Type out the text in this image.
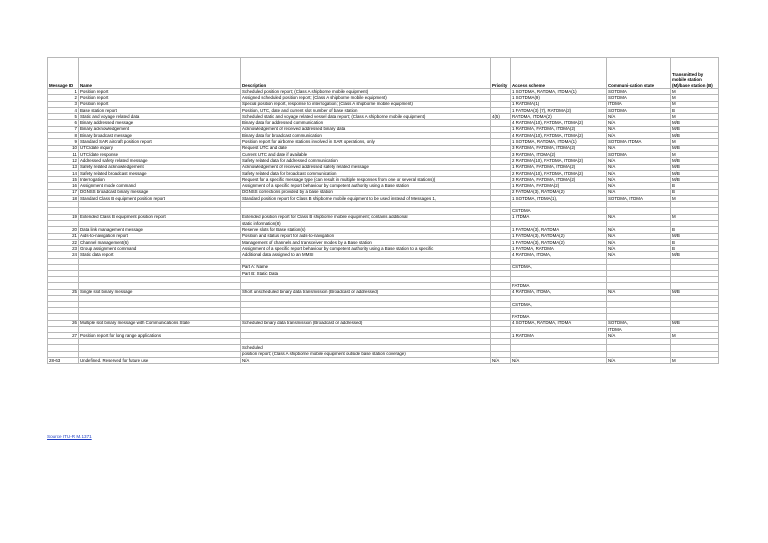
Message ID	Name	Description	Priority	Access scheme	Communi-cation state	Transmitted by mobile station (M)/base station (B)
1	Position report	Scheduled position report; (Class A shipborne mobile equipment)		1 SOTDMA, RATDMA, ITDMA(1)	SOTDMA	M
2	Position report	Assigned scheduled position report; (Class A shipborne mobile equipment)		1 SOTDMA(9)	SOTDMA	M
3	Position report	Special position report, response to interrogation; (Class A shipborne mobile equipment)		1 RATDMA(1)	ITDMA	M
4	Base station report	Position, UTC, date and current slot number of base station		1 FATDMA(3) (7), RATDMA(2)	SOTDMA	B
5	Static and voyage related data	Scheduled static and voyage related vessel data report; (Class A shipborne mobile equipment)	4(5)	RATDMA, ITDMA(2)	N/A	M
6	Binary addressed message	Binary data for addressed communication		4 RATDMA(10), FATDMA, ITDMA(2)	N/A	M/B
7	Binary acknowledgement	Acknowledgement of received addressed binary data		1 RATDMA, FATDMA, ITDMA(2)	N/A	M/B
8	Binary broadcast message	Binary data for broadcast communication		4 RATDMA(10), FATDMA, ITDMA(2)	N/A	M/B
9	Standard SAR aircraft position report	Position report for airborne stations involved in SAR operations, only		1 SOTDMA, RATDMA, ITDMA(1)	SOTDMA ITDMA	M
10	UTC/date inquiry	Request UTC and date		3 RATDMA, FATDMA, ITDMA(2)	N/A	M/B
11	UTC/date response	Current UTC and date if available		3 RATDMA, ITDMA(2)	SOTDMA	M
12	Addressed safety related message	Safety related data for addressed communication		2 RATDMA(10), FATDMA, ITDMA(2)	N/A	M/B
13	Safety related acknowledgement	Acknowledgement of received addressed safety related message		1 RATDMA, FATDMA, ITDMA(2)	N/A	M/B
14	Safety related broadcast message	Safety related data for broadcast communication		2 RATDMA(10), FATDMA, ITDMA(2)	N/A	M/B
15	Interrogation	Request for a specific message type (can result in multiple responses from one or several stations)(		3 RATDMA, FATDMA, ITDMA(2)	N/A	M/B
16	Assignment mode command	Assignment of a specific report behaviour by competent authority using a Base station		1 RATDMA, FATDMA(2)	N/A	B
17	DGNSS broadcast binary message	DGNSS corrections provided by a base station		2 FATDMA(3), RATDMA(2)	N/A	B
18	Standard Class B equipment position report	Standard position report for Class B shipborne mobile equipment to be used instead of Messages 1,		1 SOTDMA, ITDMA(1),	SOTDMA, ITDMA	M

				CSTDMA		
19	Extended Class B equipment position report	Extended position report for Class B shipborne mobile equipment; contains additional		1 ITDMA	N/A	M
		static information(8)				
20	Data link management message	Reserve slots for Base station(s)		1 FATDMA(3), RATDMA	N/A	B
21	Aids-to-navigation report	Position and status report for aids-to-navigation		1 FATDMA(3), RATDMA(2)	N/A	M/B
22	Channel management(6)	Management of channels and transceiver modes by a Base station		1 FATDMA(3), RATDMA(2)	N/A	B
23	Group assignment command	Assignment of a specific report behaviour by competent authority using a Base station to a specific		1 FATDMA, RATDMA	N/A	B
24	Static data report	Additional data assigned to an MMSI		4 RATDMA, ITDMA,	N/A	M/B

		Part A: Name		CSTDMA,		
		Part B: Static Data				

				FATDMA		
25	Single slot binary message	Short unscheduled binary data transmission (Broadcast or addressed)		4 RATDMA, ITDMA,	N/A	M/B

				CSTDMA,		

				FATDMA		
26	Multiple slot binary message with Communications State	Scheduled binary data transmission (Broadcast or addressed)		4 SOTDMA, RATDMA, ITDMA	SOTDMA,	M/B
					ITDMA	
27	Position report for long range applications			1 RATDMA	N/A	M

		Scheduled				
		position report; (Class A shipborne mobile equipment outside base station coverage)				
28-63	Undefined. Reserved for future use	N/A	N/A	N/A	N/A	M
Source ITU-R M.1371
